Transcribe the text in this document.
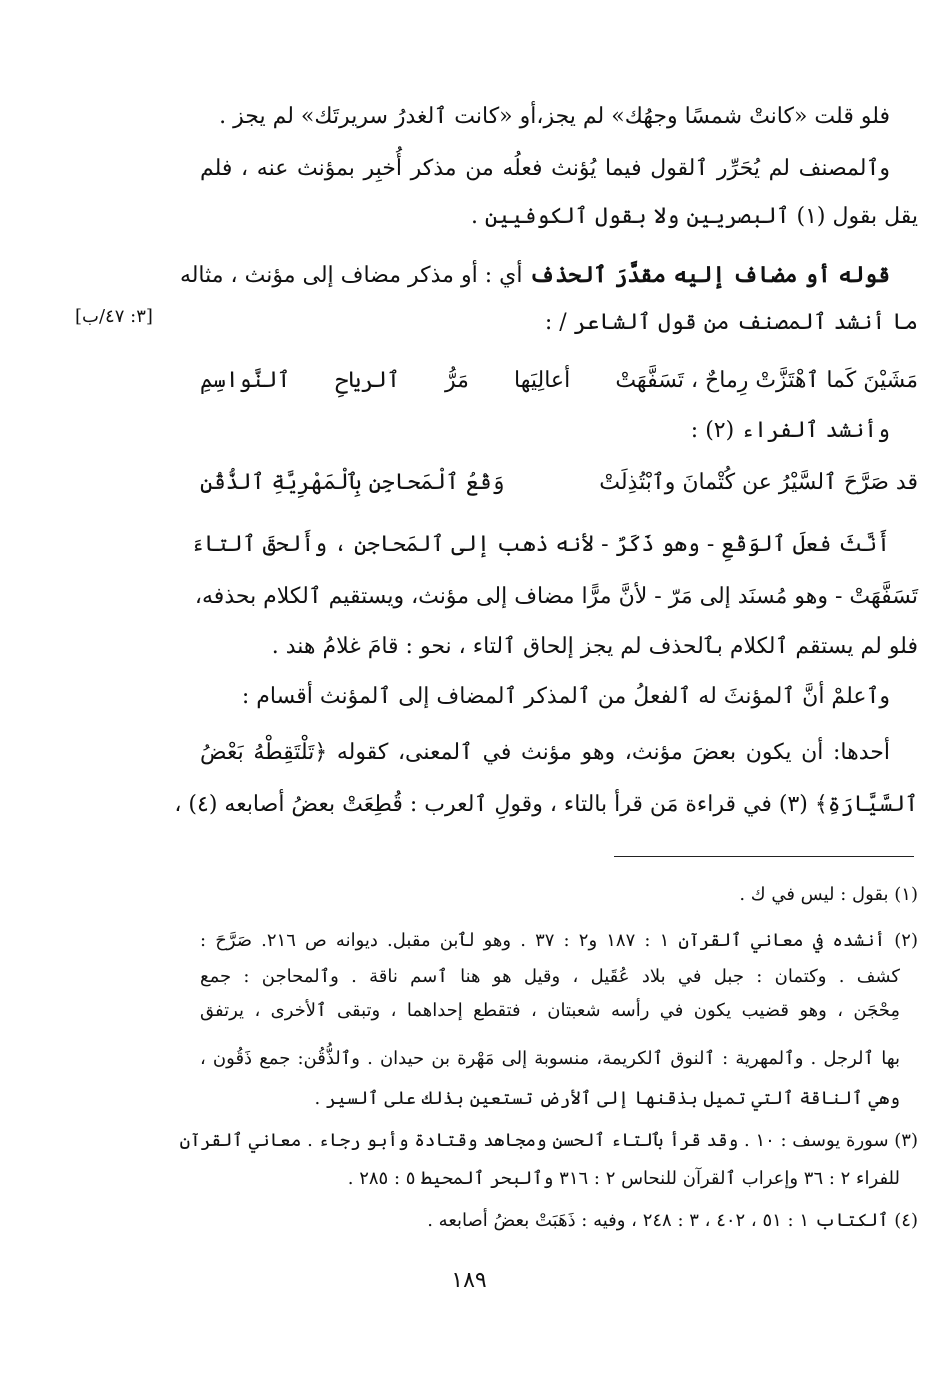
فلو قلت «كانتْ شمسًا وجهُك» لم يجز،أو «كانت ٱلغدرُ سريرتَك» لم يجز .
وٱلمصنف لم يُحَرِّر ٱلقول فيما يُؤنث فعلُه من مذكر أُخبِر بمؤنث عنه ، فلم
يقل بقول (١) ٱلبصريين ولا بقول ٱلكوفيين .
قوله أو مضاف إليه مقدَّرَ ٱلحذف أي : أو مذكر مضاف إلى مؤنث ، مثاله
ما أنشد ٱلمصنف من قول ٱلشاعر / :
مَشَيْنَ كَما ٱهْتَزَّتْ رِماحٌ ، تَسَفَّهَتْ
أعالِيَها
مَرُّ
ٱلرياحِ
ٱلنَّواسِمِ
وأنشد ٱلفراء (٢) :
قد صَرَّحَ ٱلسَّيْرُ عن كُتْمانَ وٱبْتُذِلَتْ
وَقْعُ ٱلْمَحاجِنِ بِٱلْمَهْرِيَّةِ ٱلذُّقُنِ
أَنَّثَ فعلَ ٱلوَقْعِ - وهو ذَكَرٌ - لأنه ذهب إلى ٱلمَحاجن ، وأَلحقَ ٱلتاءَ
تَسَفَّهَتْ - وهو مُسنَد إلى مَرّ - لأنَّ مرًّا مضاف إلى مؤنث، ويستقيم ٱلكلام بحذفه،
فلو لم يستقم ٱلكلام بٱلحذف لم يجز إلحاق ٱلتاء ، نحو : قامَ غلامُ هند .
وٱعلمْ أنَّ ٱلمؤنثَ له ٱلفعلُ من ٱلمذكر ٱلمضاف إلى ٱلمؤنث أقسام :
أحدها: أن يكون بعضَ مؤنث، وهو مؤنث في ٱلمعنى، كقوله ﴿تَلْتَقِطْهُ بَعْضُ
ٱلسَّيَّارَةِ﴾ (٣) في قراءة مَن قرأ بالتاء ، وقولِ ٱلعرب : قُطِعَتْ بعضُ أصابعه (٤) ،
[٣: ٤٧/ب]
(١) بقول : ليس في ك .
(٢) أنشده في معاني ٱلقرآن ١ : ١٨٧ و٢ : ٣٧ . وهو لٱبن مقبل. ديوانه ص ٢١٦. صَرَّحَ :
كشف . وكتمان : جبل في بلاد عُقَيل ، وقيل هو هنا ٱسم ناقة . وٱلمحاجن : جمع
مِحْجَن ، وهو قضيب يكون في رأسه شعبتان ، فتقطع إحداهما ، وتبقى ٱلأخرى ، يرتفق
بها ٱلرجل . وٱلمهرية : ٱلنوق ٱلكريمة، منسوبة إلى مَهْرة بن حيدان . وٱلذُّقُن: جمع ذَقُون ،
وهي ٱلناقة ٱلتي تميل بذقنها إلى ٱلأرض تستعين بذٰلك على ٱلسير .
(٣) سورة يوسف : ١٠ . وقد قرأ بٱلتاء ٱلحسن ومجاهد وقتادة وأبو رجاء . معاني ٱلقرآن
للفراء ٢ : ٣٦ وإعراب ٱلقرآن للنحاس ٢ : ٣١٦ وٱلبحر ٱلمحيط ٥ : ٢٨٥ .
(٤) ٱلكتاب ١ : ٥١ ، ٤٠٢ ، ٣ : ٢٤٨ ، وفيه : ذَهَبَتْ بعضُ أصابعه .
١٨٩
